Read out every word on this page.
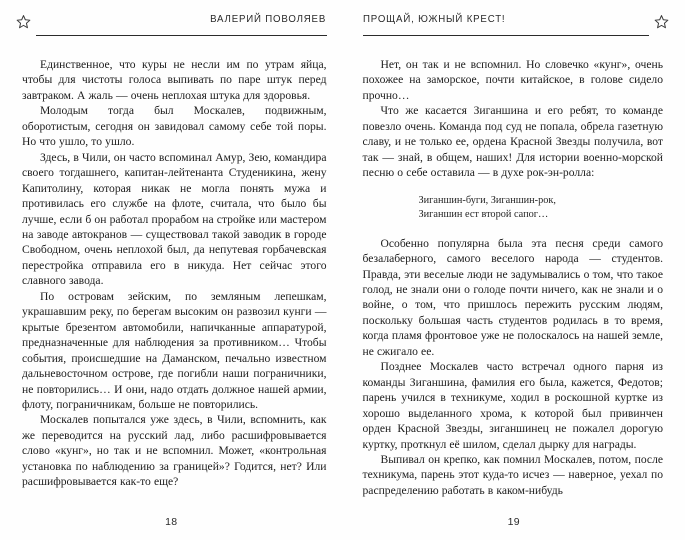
ВАЛЕРИЙ ПОВОЛЯЕВ

Единственное, что куры не несли им по утрам яйца, чтобы для чистоты голоса выпивать по паре штук перед завтраком. А жаль — очень неплохая штука для здоровья.

Молодым тогда был Москалев, подвижным, оборотистым, сегодня он завидовал самому себе той поры. Но что ушло, то ушло.

Здесь, в Чили, он часто вспоминал Амур, Зею, командира своего тогдашнего, капитан-лейтенанта Студеникина, жену Капитолину, которая никак не могла понять мужа и противилась его службе на флоте, считала, что было бы лучше, если б он работал прорабом на стройке или мастером на заводе автокранов — существовал такой заводик в городе Свободном, очень неплохой был, да непутевая горбачевская перестройка отправила его в никуда. Нет сейчас этого славного завода.

По островам зейским, по земляным лепешкам, украшавшим реку, по берегам высоким он развозил кунги — крытые брезентом автомобили, напичканные аппаратурой, предназначенные для наблюдения за противником… Чтобы события, происшедшие на Даманском, печально известном дальневосточном острове, где погибли наши пограничники, не повторились… И они, надо отдать должное нашей армии, флоту, пограничникам, больше не повторились.

Москалев попытался уже здесь, в Чили, вспомнить, как же переводится на русский лад, либо расшифровывается слово «кунг», но так и не вспомнил. Может, «контрольная установка по наблюдению за границей»? Годится, нет? Или расшифровывается как-то еще?

18
ПРОЩАЙ, ЮЖНЫЙ КРЕСТ!

Нет, он так и не вспомнил. Но словечко «кунг», очень похожее на заморское, почти китайское, в голове сидело прочно…

Что же касается Зиганшина и его ребят, то команде повезло очень. Команда под суд не попала, обрела газетную славу, и не только ее, ордена Красной Звезды получила, вот так — знай, в общем, наших! Для истории военно-морской песню о себе оставила — в духе рок-эн-ролла:

Зиганшин-буги, Зиганшин-рок,
Зиганшин ест второй сапог…

Особенно популярна была эта песня среди самого безалаберного, самого веселого народа — студентов. Правда, эти веселые люди не задумывались о том, что такое голод, не знали они о голоде почти ничего, как не знали и о войне, о том, что пришлось пережить русским людям, поскольку большая часть студентов родилась в то время, когда пламя фронтовое уже не полоскалось на нашей земле, не сжигало ее.

Позднее Москалев часто встречал одного парня из команды Зиганшина, фамилия его была, кажется, Федотов; парень учился в техникуме, ходил в роскошной куртке из хорошо выделанного хрома, к которой был привинчен орден Красной Звезды, зиганшинец не пожалел дорогую куртку, проткнул её шилом, сделал дырку для награды.

Выпивал он крепко, как помнил Москалев, потом, после техникума, парень этот куда-то исчез — наверное, уехал по распределению работать в каком-нибудь

19
